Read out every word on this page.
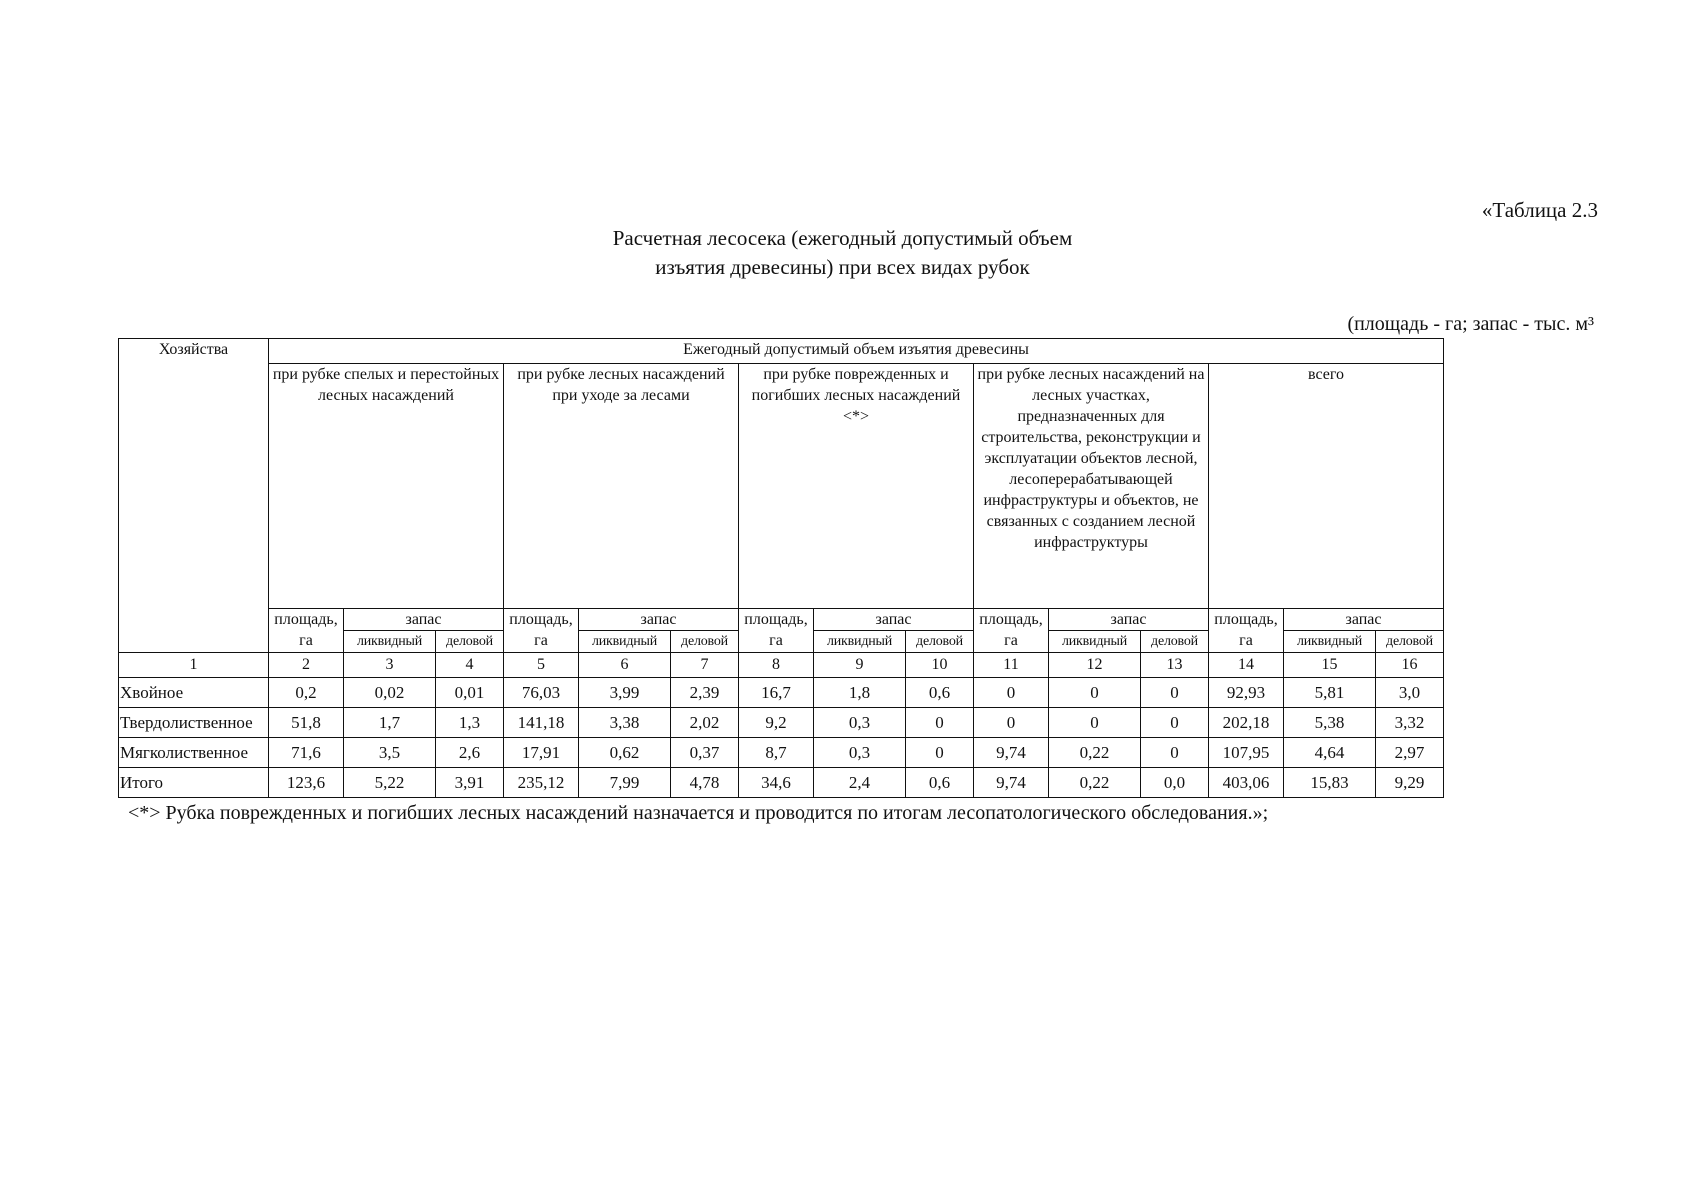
«Таблица 2.3
Расчетная лесосека (ежегодный допустимый объем
изъятия древесины) при всех видах рубок
(площадь - га; запас - тыс. м³
Хозяйства	Ежегодный допустимый объем изъятия древесины														
	при рубке спелых и перестойных лесных насаждений			при рубке лесных насаждений при уходе за лесами			при рубке поврежденных и погибших лесных насаждений <*>			при рубке лесных насаждений на лесных участках, предназначенных для строительства, реконструкции и эксплуатации объектов лесной, лесоперерабатывающей инфраструктуры и объектов, не связанных с созданием лесной инфраструктуры			всего		
	площадь, га	запас		площадь, га	запас		площадь, га	запас		площадь, га	запас		площадь, га	запас	
		ликвидный	деловой		ликвидный	деловой		ликвидный	деловой		ликвидный	деловой		ликвидный	деловой
1	2	3	4	5	6	7	8	9	10	11	12	13	14	15	16
Хвойное	0,2	0,02	0,01	76,03	3,99	2,39	16,7	1,8	0,6	0	0	0	92,93	5,81	3,0
Твердолиственное	51,8	1,7	1,3	141,18	3,38	2,02	9,2	0,3	0	0	0	0	202,18	5,38	3,32
Мягколиственное	71,6	3,5	2,6	17,91	0,62	0,37	8,7	0,3	0	9,74	0,22	0	107,95	4,64	2,97
Итого	123,6	5,22	3,91	235,12	7,99	4,78	34,6	2,4	0,6	9,74	0,22	0,0	403,06	15,83	9,29
<*> Рубка поврежденных и погибших лесных насаждений назначается и проводится по итогам лесопатологического обследования.»;
